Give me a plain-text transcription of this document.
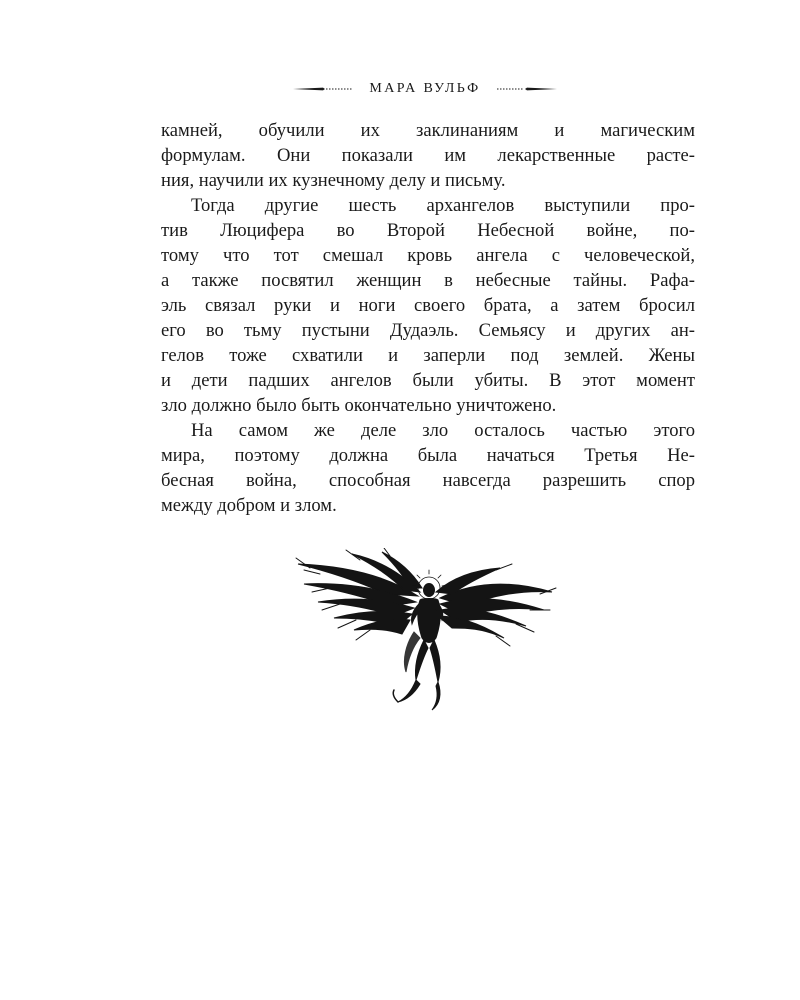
МАРА ВУЛЬФ
камней, обучили их заклинаниям и магическим
формулам. Они показали им лекарственные расте-
ния, научили их кузнечному делу и письму.
Тогда другие шесть архангелов выступили про-
тив Люцифера во Второй Небесной войне, по-
тому что тот смешал кровь ангела с человеческой,
а также посвятил женщин в небесные тайны. Рафа-
эль связал руки и ноги своего брата, а затем бросил
его во тьму пустыни Дудаэль. Семьясу и других ан-
гелов тоже схватили и заперли под землей. Жены
и дети падших ангелов были убиты. В этот момент
зло должно было быть окончательно уничтожено.
На самом же деле зло осталось частью этого
мира, поэтому должна была начаться Третья Не-
бесная война, способная навсегда разрешить спор
между добром и злом.
